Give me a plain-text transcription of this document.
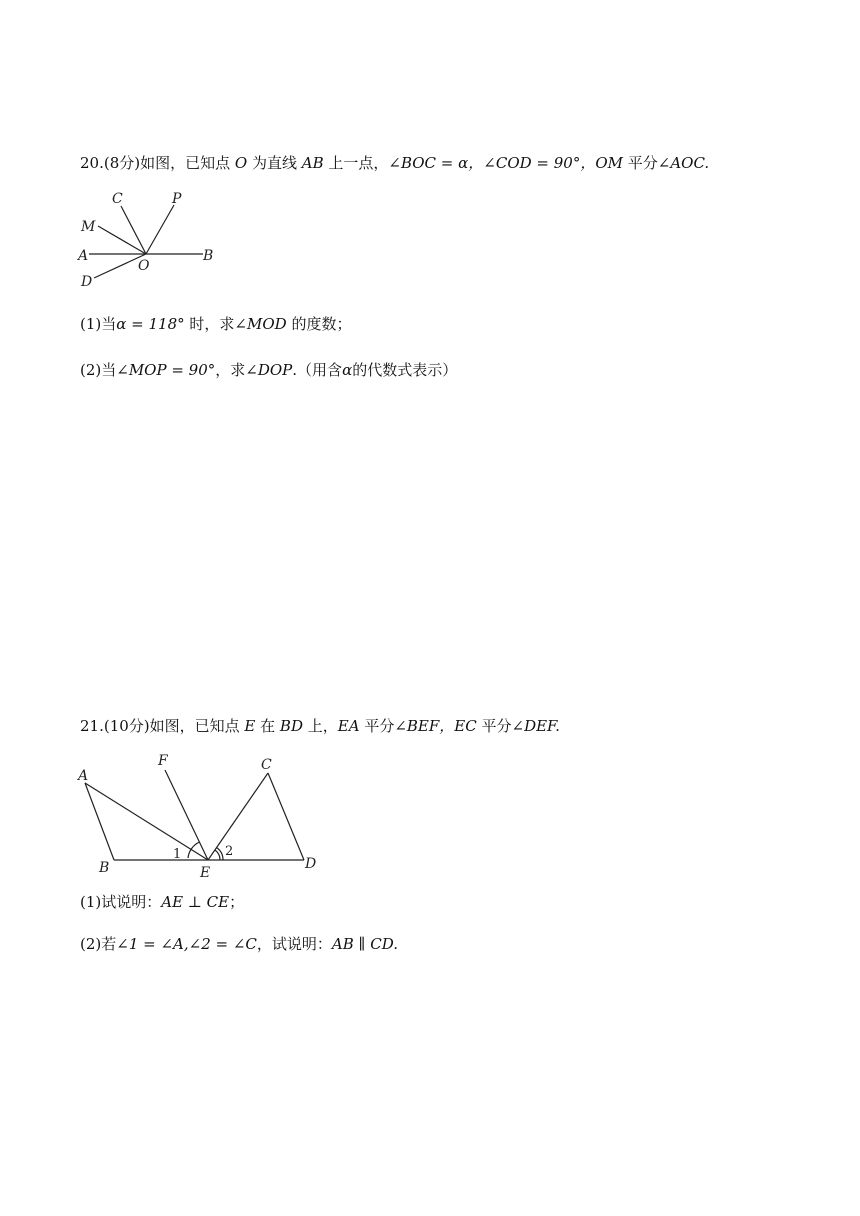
20.(8分)如图，已知点 O 为直线 AB 上一点，∠BOC = α，∠COD = 90°，OM 平分∠AOC.
C	P
M
A
O
B
D
(1)当α = 118° 时，求∠MOD 的度数；
(2)当∠MOP = 90°，求∠DOP.（用含α的代数式表示）
21.(10分)如图，已知点 E 在 BD 上，EA 平分∠BEF，EC 平分∠DEF.
A
F	C
B	E
D
1	2
(1)试说明：AE ⊥ CE；
(2)若∠1 = ∠A,∠2 = ∠C，试说明：AB ∥ CD.
